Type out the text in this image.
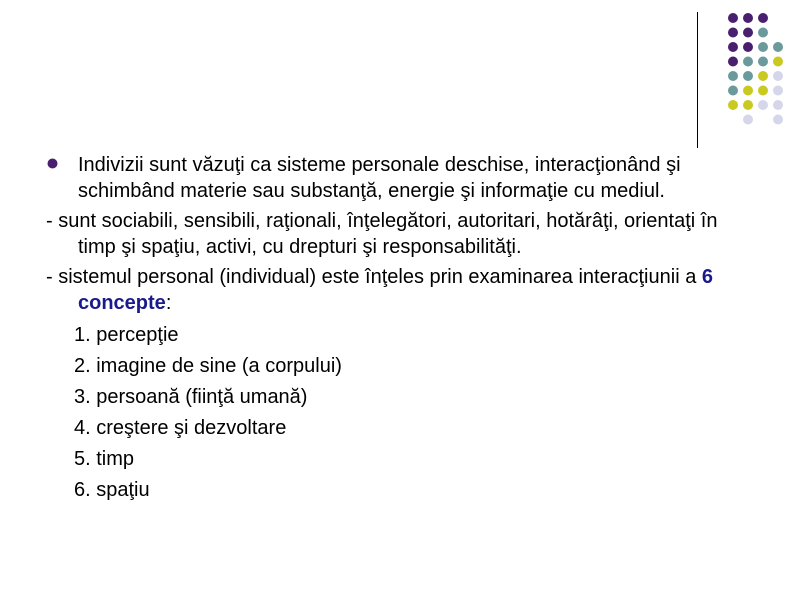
Indivizii sunt văzuţi ca sisteme personale deschise, interacţionând şi schimbând materie sau substanţă, energie şi informaţie cu mediul.
- sunt sociabili, sensibili, raţionali, înţelegători, autoritari, hotărâţi, orientaţi în timp şi spaţiu, activi, cu drepturi şi responsabilităţi.
- sistemul personal (individual) este înţeles prin examinarea interacţiunii a 6 concepte:
1. percepţie
2. imagine de sine (a corpului)
3. persoană (fiinţă umană)
4. creştere şi dezvoltare
5. timp
6. spaţiu
